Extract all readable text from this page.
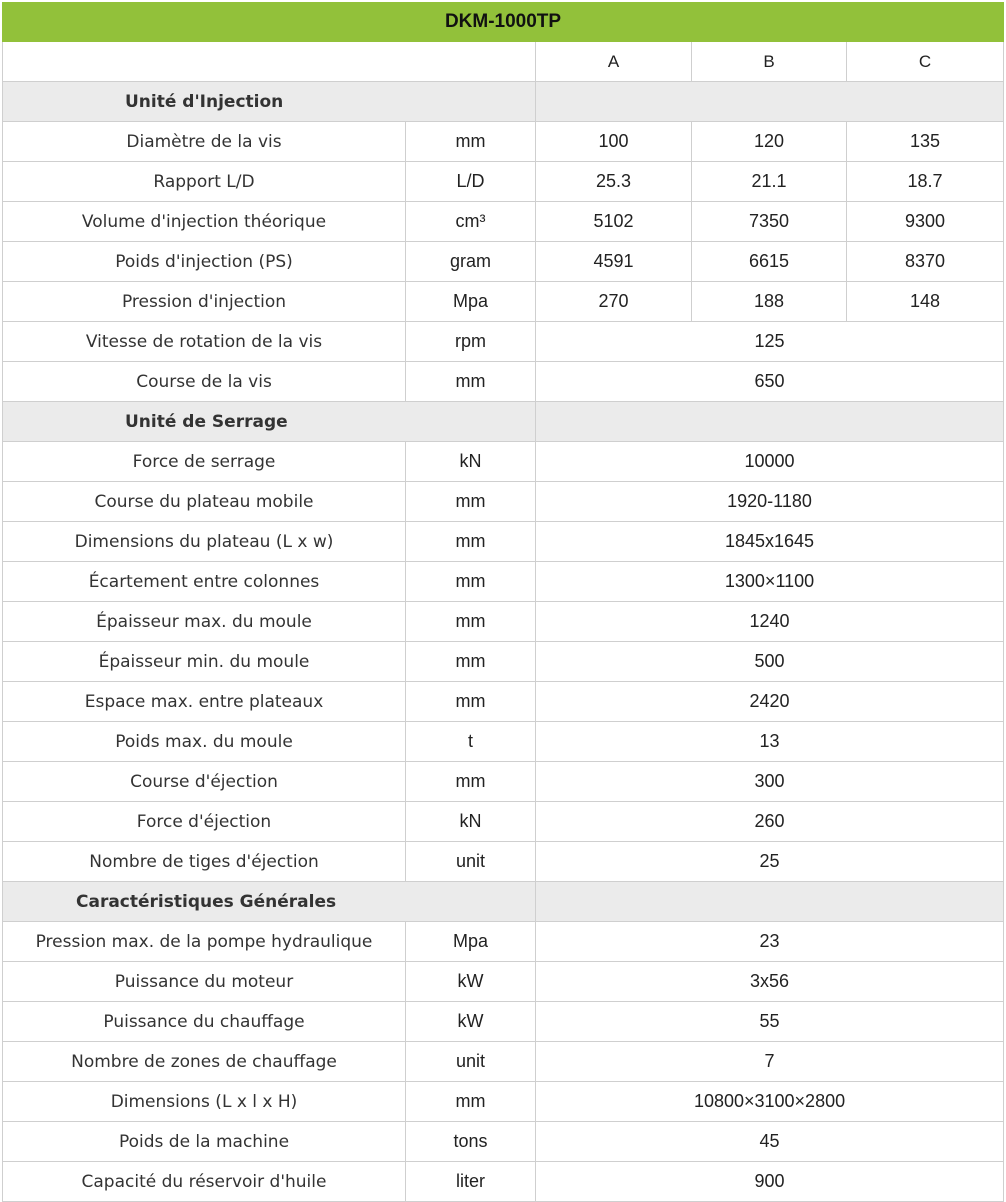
DKM-1000TP				
		A	B	C
Unité d'Injection				
Diamètre de la vis	mm	100	120	135
Rapport L/D	L/D	25.3	21.1	18.7
Volume d'injection théorique	cm³	5102	7350	9300
Poids d'injection (PS)	gram	4591	6615	8370
Pression d'injection	Mpa	270	188	148
Vitesse de rotation de la vis	rpm	125		
Course de la vis	mm	650		
Unité de Serrage				
Force de serrage	kN	10000		
Course du plateau mobile	mm	1920-1180		
Dimensions du plateau (L x w)	mm	1845x1645		
Écartement entre colonnes	mm	1300×1100		
Épaisseur max. du moule	mm	1240		
Épaisseur min. du moule	mm	500		
Espace max. entre plateaux	mm	2420		
Poids max. du moule	t	13		
Course d'éjection	mm	300		
Force d'éjection	kN	260		
Nombre de tiges d'éjection	unit	25		
Caractéristiques Générales				
Pression max. de la pompe hydraulique	Mpa	23		
Puissance du moteur	kW	3x56		
Puissance du chauffage	kW	55		
Nombre de zones de chauffage	unit	7		
Dimensions (L x l x H)	mm	10800×3100×2800		
Poids de la machine	tons	45		
Capacité du réservoir d'huile	liter	900		
